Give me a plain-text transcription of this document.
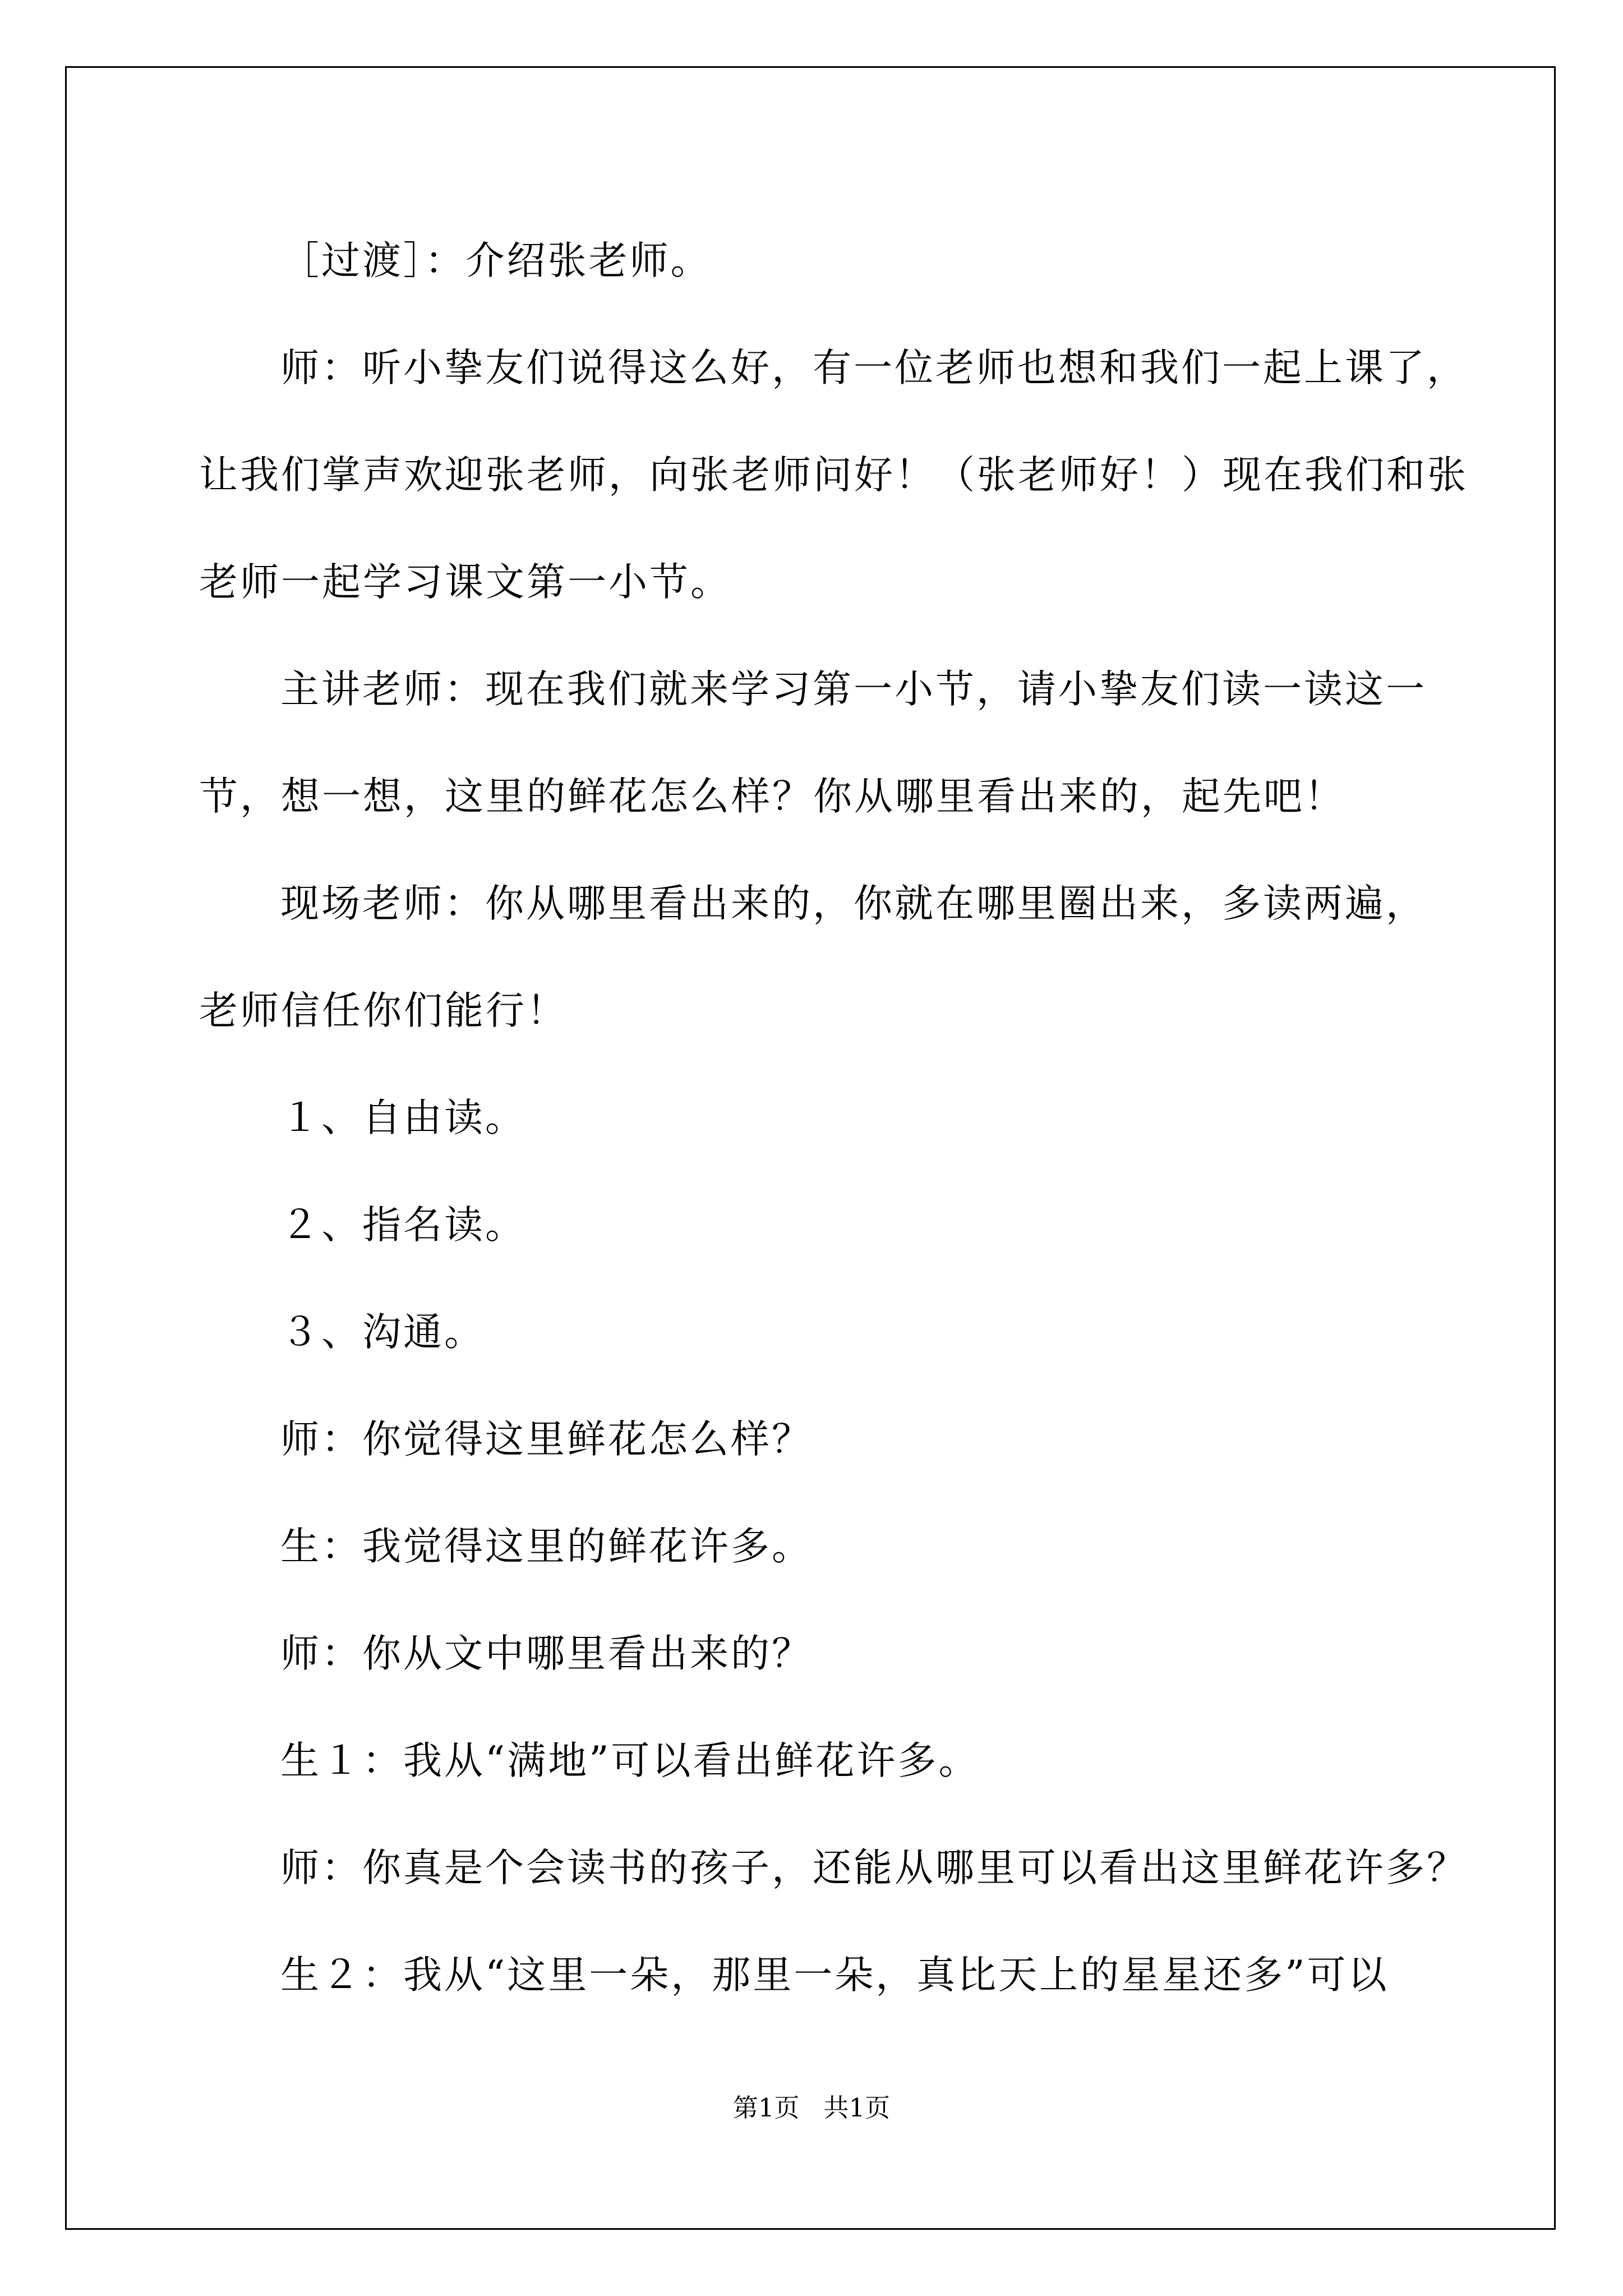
［过渡］：介绍张老师。
师：听小挚友们说得这么好，有一位老师也想和我们一起上课了，
让我们掌声欢迎张老师，向张老师问好！（张老师好！）现在我们和张
老师一起学习课文第一小节。
主讲老师：现在我们就来学习第一小节，请小挚友们读一读这一
节，想一想，这里的鲜花怎么样？你从哪里看出来的，起先吧！
现场老师：你从哪里看出来的，你就在哪里圈出来，多读两遍，
老师信任你们能行！
１、自由读。
２、指名读。
３、沟通。
师：你觉得这里鲜花怎么样？
生：我觉得这里的鲜花许多。
师：你从文中哪里看出来的？
生１：我从“满地”可以看出鲜花许多。
师：你真是个会读书的孩子，还能从哪里可以看出这里鲜花许多？
生２：我从“这里一朵，那里一朵，真比天上的星星还多”可以
第1页   共1页
